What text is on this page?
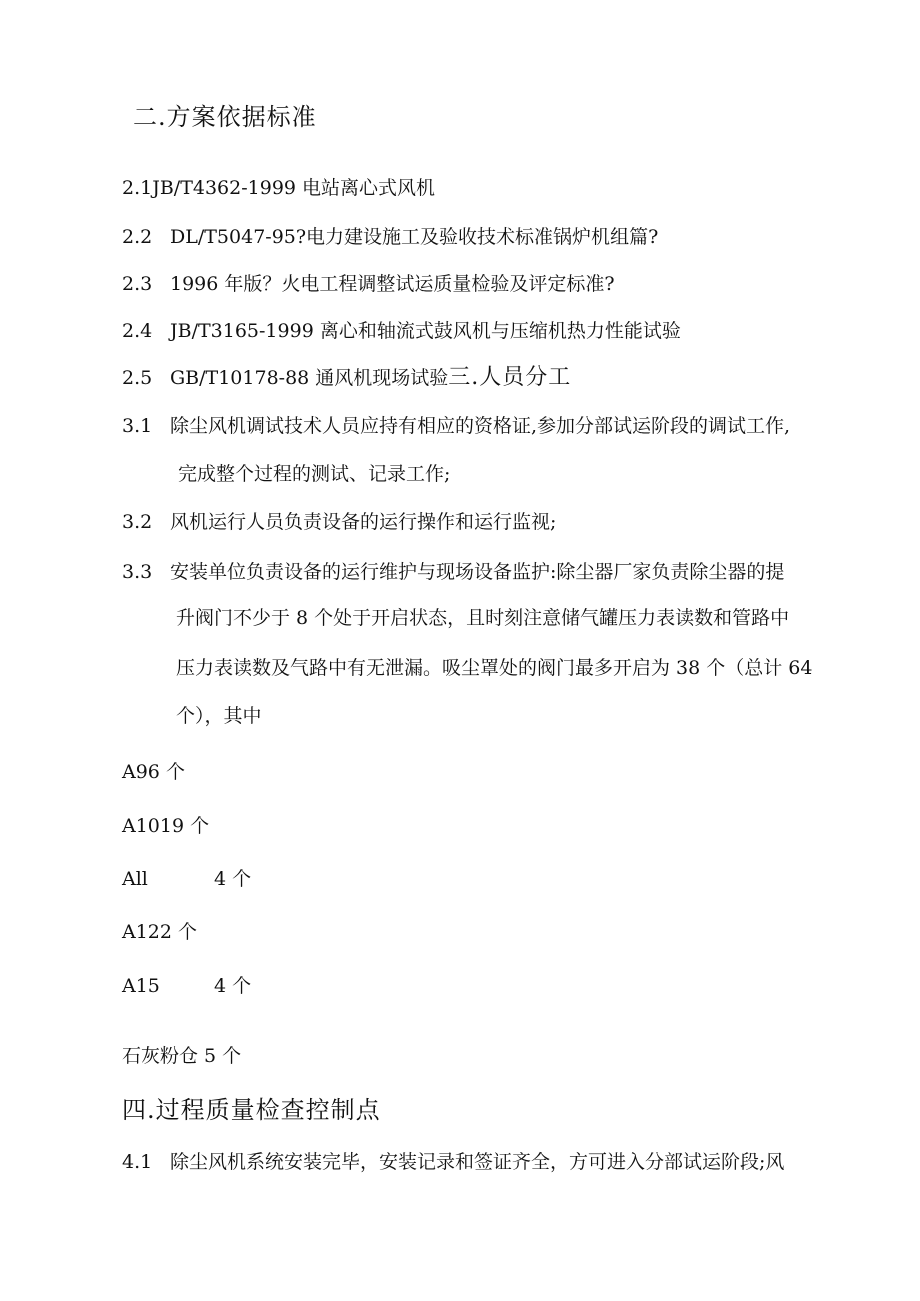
二.方案依据标准
2.1JB/T4362-1999 电站离心式风机
2.2 DL/T5047-95?电力建设施工及验收技术标准锅炉机组篇?
2.3 1996 年版？火电工程调整试运质量检验及评定标准?
2.4 JB/T3165-1999 离心和轴流式鼓风机与压缩机热力性能试验
2.5 GB/T10178-88 通风机现场试验三.人员分工
3.1 除尘风机调试技术人员应持有相应的资格证,参加分部试运阶段的调试工作,
完成整个过程的测试、记录工作;
3.2 风机运行人员负责设备的运行操作和运行监视;
3.3 安装单位负责设备的运行维护与现场设备监护:除尘器厂家负责除尘器的提
升阀门不少于 8 个处于开启状态，且时刻注意储气罐压力表读数和管路中
压力表读数及气路中有无泄漏。吸尘罩处的阀门最多开启为 38 个（总计 64
个），其中
A96 个
A1019 个
All	4 个
A122 个
A15	4 个
石灰粉仓 5 个
四.过程质量检查控制点
4.1 除尘风机系统安装完毕，安装记录和签证齐全，方可进入分部试运阶段;风
